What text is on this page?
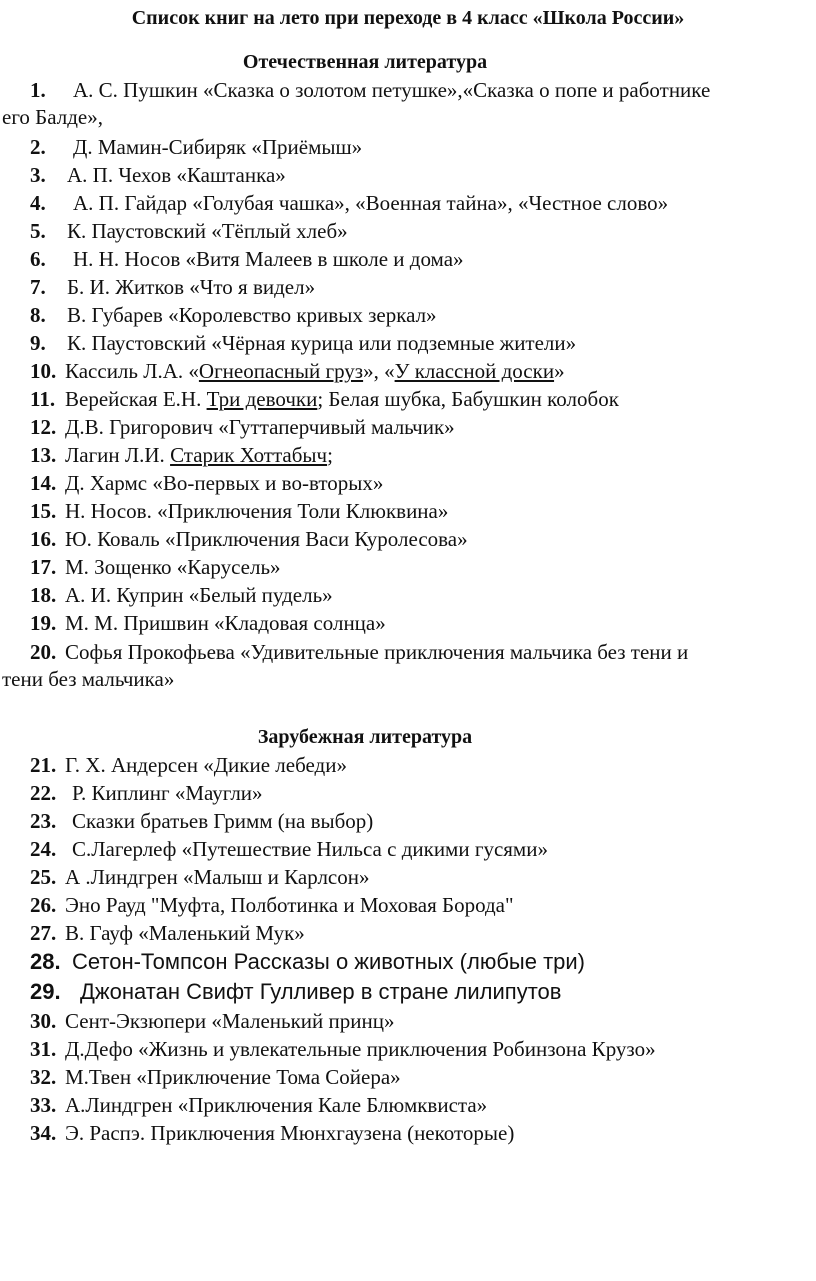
Список книг на лето при переходе в 4 класс «Школа России»
Отечественная литература
1. А. С. Пушкин «Сказка о золотом петушке»,«Сказка о попе и работнике
его Балде»,
2. Д. Мамин-Сибиряк «Приёмыш»
3. А. П. Чехов «Каштанка»
4. А. П. Гайдар «Голубая чашка», «Военная тайна», «Честное слово»
5. К. Паустовский «Тёплый хлеб»
6. Н. Н. Носов «Витя Малеев в школе и дома»
7. Б. И. Житков «Что я видел»
8. В. Губарев «Королевство кривых зеркал»
9. К. Паустовский «Чёрная курица или подземные жители»
10. Кассиль Л.А. «Огнеопасный груз», «У классной доски»
11. Верейская Е.Н. Три девочки; Белая шубка, Бабушкин колобок
12. Д.В. Григорович «Гуттаперчивый мальчик»
13. Лагин Л.И. Старик Хоттабыч;
14. Д. Хармс «Во-первых и во-вторых»
15. Н. Носов. «Приключения Толи Клюквина»
16. Ю. Коваль «Приключения Васи Куролесова»
17. М. Зощенко «Карусель»
18. А. И. Куприн «Белый пудель»
19. М. М. Пришвин «Кладовая солнца»
20. Софья Прокофьева «Удивительные приключения мальчика без тени и
тени без мальчика»
Зарубежная литература
21. Г. Х. Андерсен «Дикие лебеди»
22. Р. Киплинг «Маугли»
23. Сказки братьев Гримм (на выбор)
24. С.Лагерлеф «Путешествие Нильса с дикими гусями»
25. А .Линдгрен «Малыш и Карлсон»
26. Эно Рауд "Муфта, Полботинка и Моховая Борода"
27. В. Гауф «Маленький Мук»
28. Сетон-Томпсон Рассказы о животных (любые три)
29. Джонатан Свифт Гулливер в стране лилипутов
30. Сент-Экзюпери «Маленький принц»
31. Д.Дефо «Жизнь и увлекательные приключения Робинзона Крузо»
32. М.Твен «Приключение Тома Сойера»
33. А.Линдгрен «Приключения Кале Блюмквиста»
34. Э. Распэ. Приключения Мюнхгаузена (некоторые)
